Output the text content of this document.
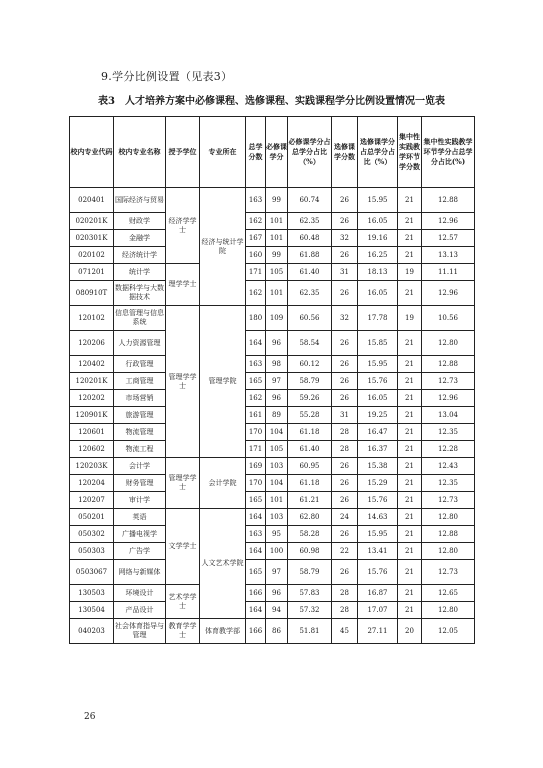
9.学分比例设置（见表3）
表3　人才培养方案中必修课程、选修课程、实践课程学分比例设置情况一览表
校内专业代码	校内专业名称	授予学位	专业所在	总学分数	必修课学分	必修课学分占总学分占比（%）	选修课学分数	选修课学分占总学分占比（%）	集中性实践教学环节学分数	集中性实践教学环节学分占总学分占比(%)
020401	国际经济与贸易	经济学学士	经济与统计学院	163	99	60.74	26	15.95	21	12.88
020201K	财政学			162	101	62.35	26	16.05	21	12.96
020301K	金融学			167	101	60.48	32	19.16	21	12.57
020102	经济统计学			160	99	61.88	26	16.25	21	13.13
071201	统计学	理学学士		171	105	61.40	31	18.13	19	11.11
080910T	数据科学与大数据技术			162	101	62.35	26	16.05	21	12.96
120102	信息管理与信息系统	管理学学士	管理学院	180	109	60.56	32	17.78	19	10.56
120206	人力资源管理			164	96	58.54	26	15.85	21	12.80
120402	行政管理			163	98	60.12	26	15.95	21	12.88
120201K	工商管理			165	97	58.79	26	15.76	21	12.73
120202	市场营销			162	96	59.26	26	16.05	21	12.96
120901K	旅游管理			161	89	55.28	31	19.25	21	13.04
120601	物流管理			170	104	61.18	28	16.47	21	12.35
120602	物流工程			171	105	61.40	28	16.37	21	12.28
120203K	会计学	管理学学士	会计学院	169	103	60.95	26	15.38	21	12.43
120204	财务管理			170	104	61.18	26	15.29	21	12.35
120207	审计学			165	101	61.21	26	15.76	21	12.73
050201	英语	文学学士	人文艺术学院	164	103	62.80	24	14.63	21	12.80
050302	广播电视学			163	95	58.28	26	15.95	21	12.88
050303	广告学			164	100	60.98	22	13.41	21	12.80
0503067	网络与新媒体			165	97	58.79	26	15.76	21	12.73
130503	环境设计	艺术学学士		166	96	57.83	28	16.87	21	12.65
130504	产品设计			164	94	57.32	28	17.07	21	12.80
040203	社会体育指导与管理	教育学学士	体育教学部	166	86	51.81	45	27.11	20	12.05
26
